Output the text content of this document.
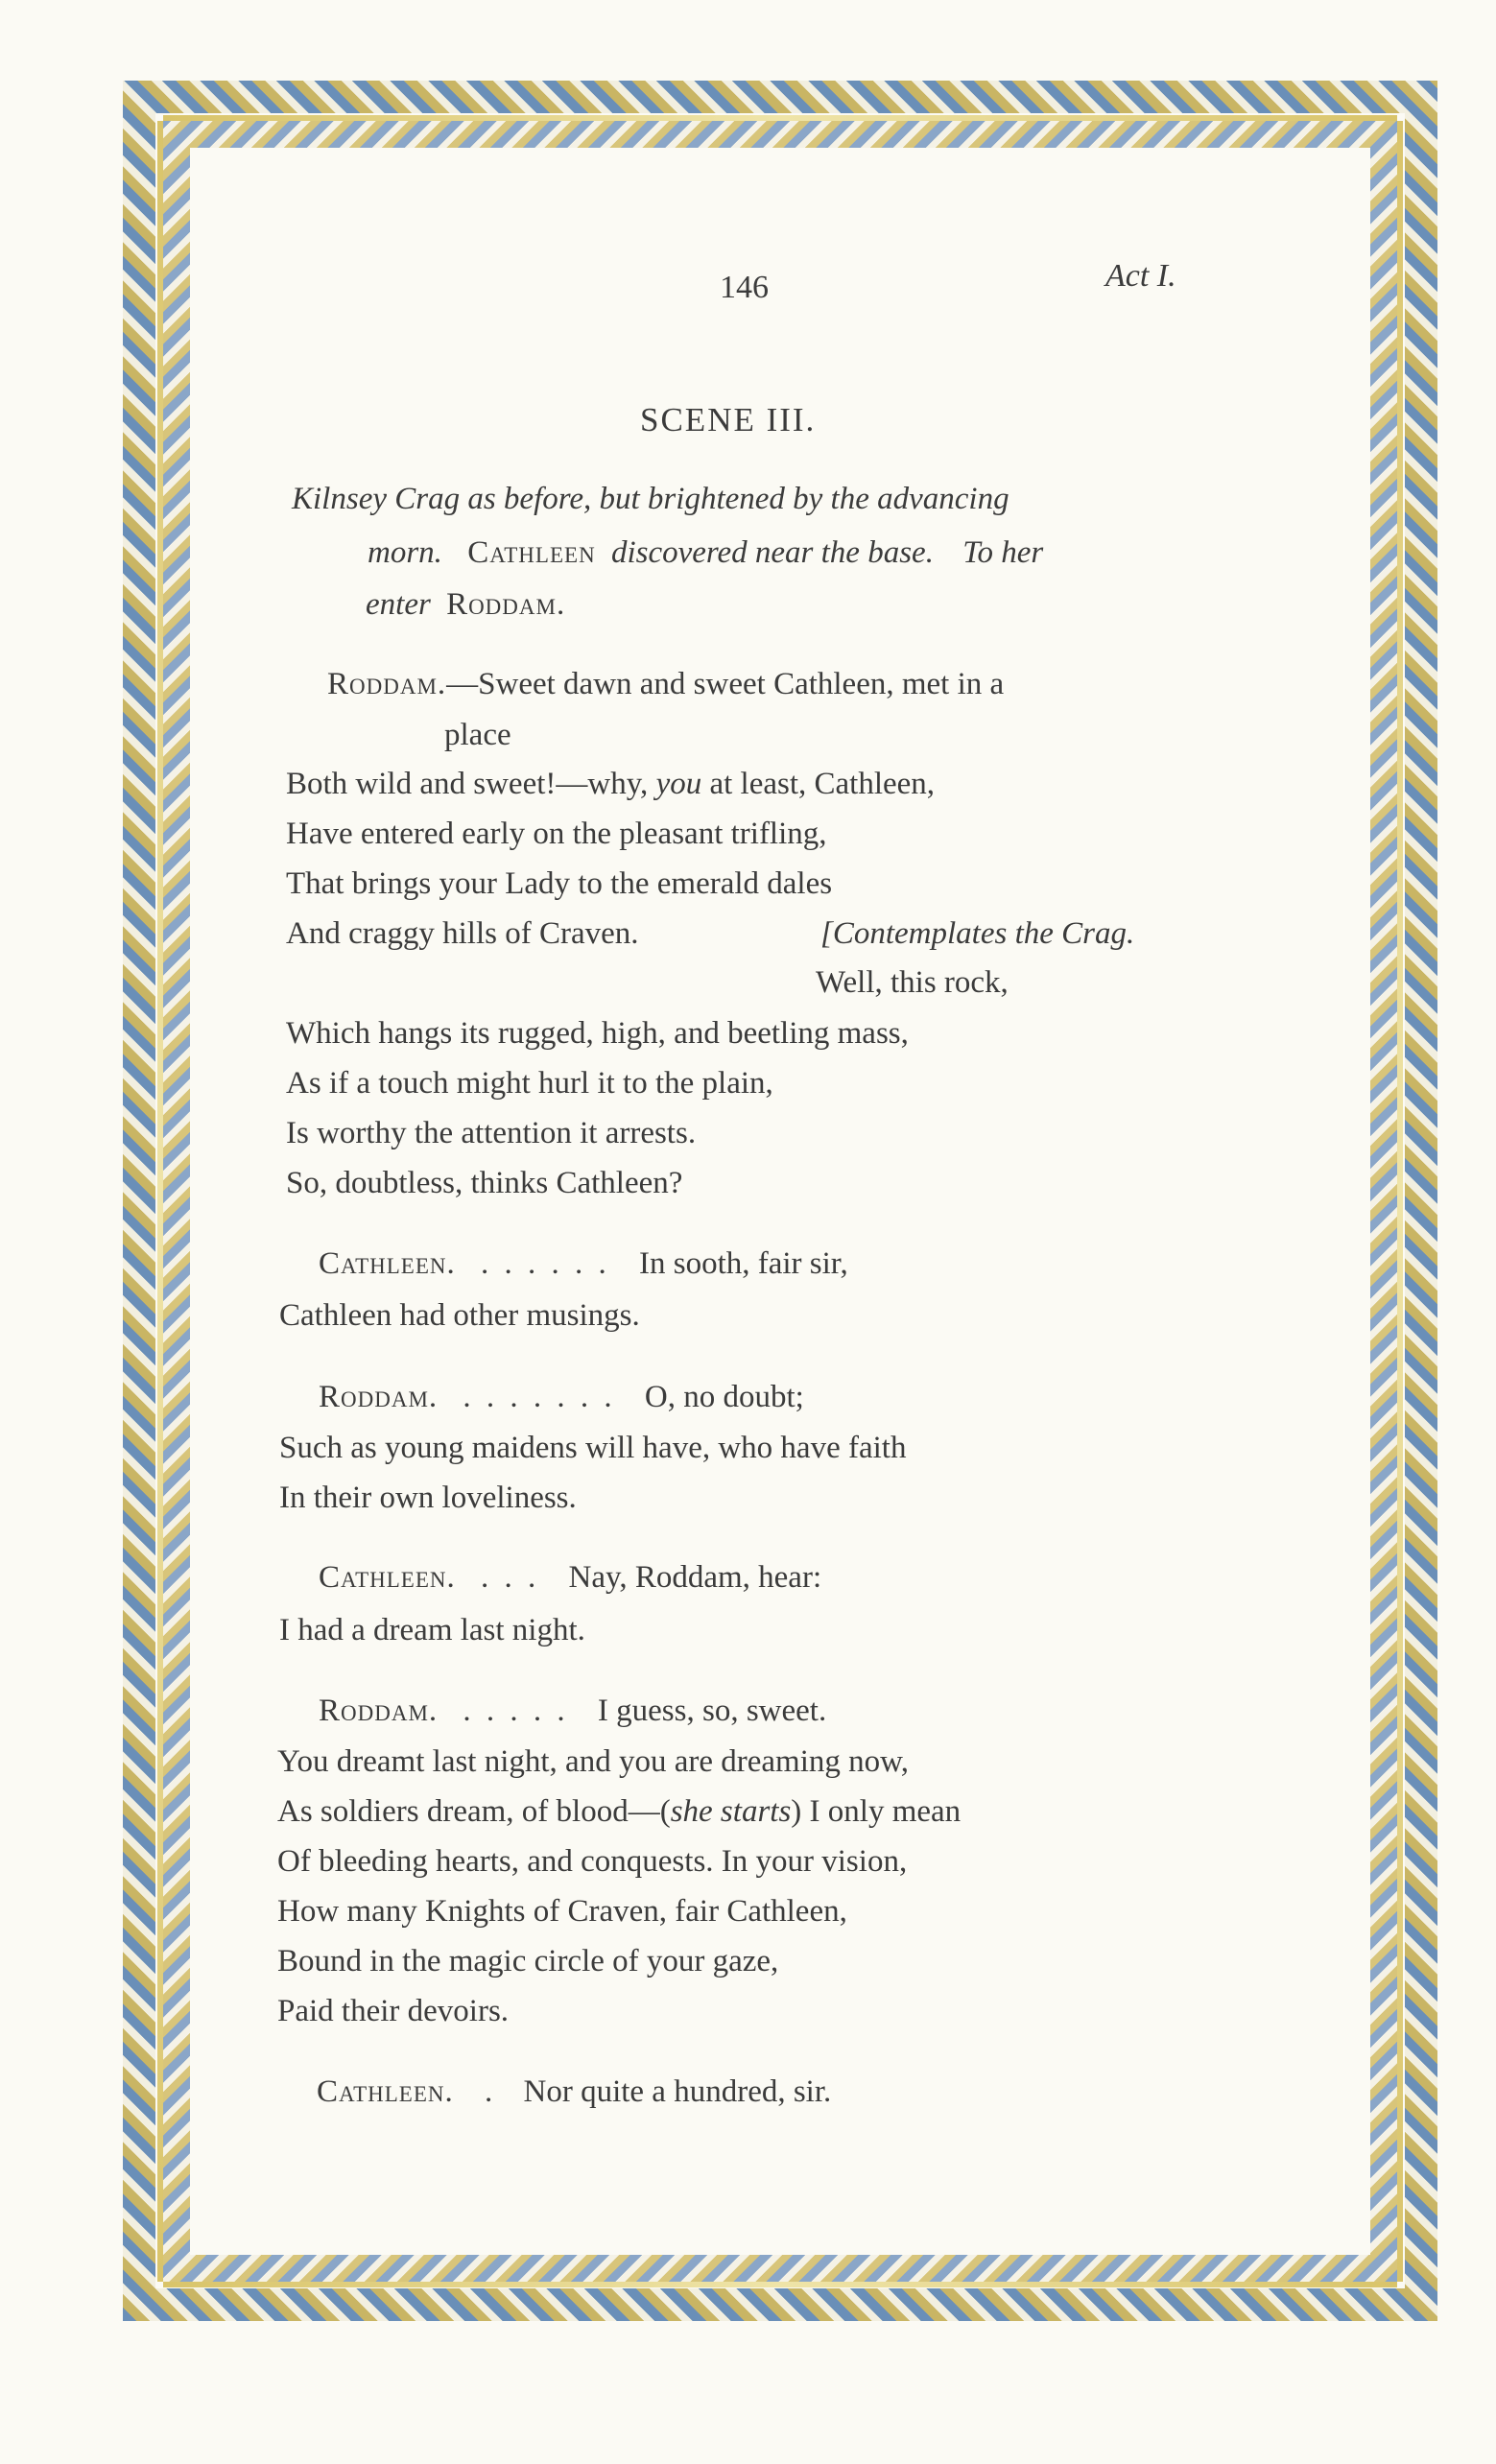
146	Act I.
SCENE III.
Kilnsey Crag as before, but brightened by the advancing
morn. Cathleen discovered near the base. To her
enter Roddam.
Roddam.—Sweet dawn and sweet Cathleen, met in a
place
Both wild and sweet!—why, you at least, Cathleen,
Have entered early on the pleasant trifling,
That brings your Lady to the emerald dales
And craggy hills of Craven.	[Contemplates the Crag.
Well, this rock,
Which hangs its rugged, high, and beetling mass,
As if a touch might hurl it to the plain,
Is worthy the attention it arrests.
So, doubtless, thinks Cathleen?
Cathleen. . . . . . . In sooth, fair sir,
Cathleen had other musings.
Roddam. . . . . . . . O, no doubt;
Such as young maidens will have, who have faith
In their own loveliness.
Cathleen. . . . Nay, Roddam, hear:
I had a dream last night.
Roddam. . . . . . I guess, so, sweet.
You dreamt last night, and you are dreaming now,
As soldiers dream, of blood—(she starts) I only mean
Of bleeding hearts, and conquests. In your vision,
How many Knights of Craven, fair Cathleen,
Bound in the magic circle of your gaze,
Paid their devoirs.
Cathleen. . Nor quite a hundred, sir.
